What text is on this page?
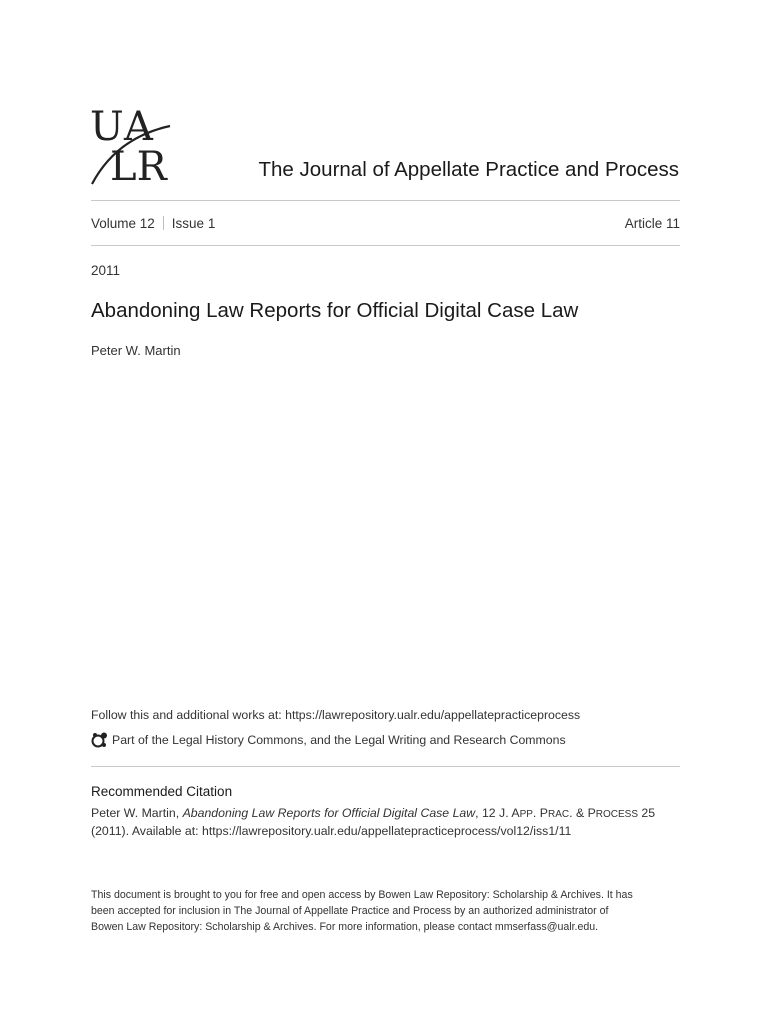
U A
LR	The Journal of Appellate Practice and Process
Volume 12 Issue 1	Article 11
2011
Abandoning Law Reports for Official Digital Case Law
Peter W. Martin
Follow this and additional works at: https://lawrepository.ualr.edu/appellatepracticeprocess
Part of the Legal History Commons, and the Legal Writing and Research Commons
Recommended Citation
Peter W. Martin, Abandoning Law Reports for Official Digital Case Law, 12 J. APP. PRAC. & PROCESS 25 (2011). Available at: https://lawrepository.ualr.edu/appellatepracticeprocess/vol12/iss1/11
This document is brought to you for free and open access by Bowen Law Repository: Scholarship & Archives. It has been accepted for inclusion in The Journal of Appellate Practice and Process by an authorized administrator of Bowen Law Repository: Scholarship & Archives. For more information, please contact mmserfass@ualr.edu.
